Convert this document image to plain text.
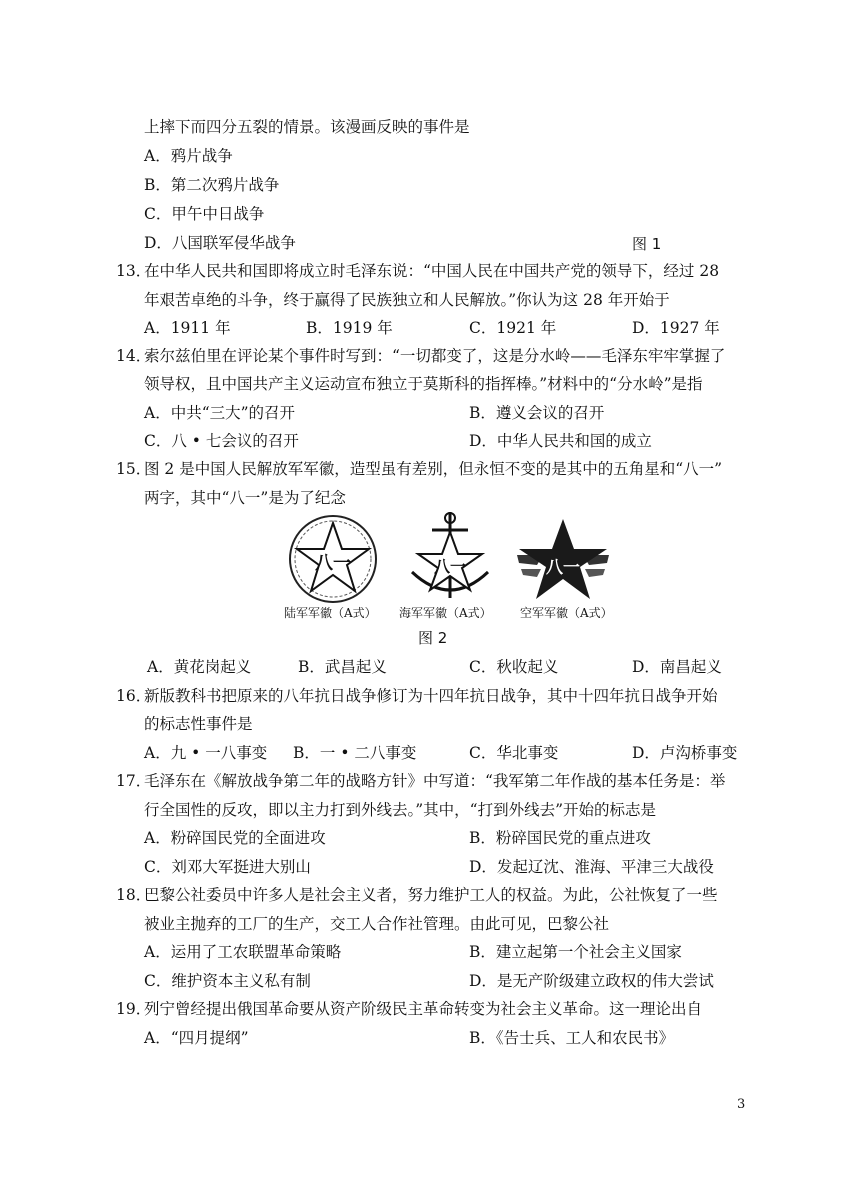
上摔下而四分五裂的情景。该漫画反映的事件是
A．鸦片战争
B．第二次鸦片战争
C．甲午中日战争
D．八国联军侵华战争	图 1
13．
在中华人民共和国即将成立时毛泽东说：“中国人民在中国共产党的领导下，经过 28
年艰苦卓绝的斗争，终于赢得了民族独立和人民解放。”你认为这 28 年开始于
A．1911 年	B．1919 年	C．1921 年	D．1927 年
14．
索尔兹伯里在评论某个事件时写到：“一切都变了，这是分水岭——毛泽东牢牢掌握了
领导权，且中国共产主义运动宣布独立于莫斯科的指挥棒。”材料中的“分水岭”是指
A．中共“三大”的召开	B．遵义会议的召开
C．八 • 七会议的召开	D．中华人民共和国的成立
15．
图 2 是中国人民解放军军徽，造型虽有差别，但永恒不变的是其中的五角星和“八一”
两字，其中“八一”是为了纪念
八一	八一	八一
陆军军徽（A式） 海军军徽（A式） 空军军徽（A式）
图 2
A．黄花岗起义	B．武昌起义	C．秋收起义	D．南昌起义
16．
新版教科书把原来的八年抗日战争修订为十四年抗日战争，其中十四年抗日战争开始
的标志性事件是
A．九 • 一八事变 B．一 • 二八事变	C．华北事变	D．卢沟桥事变
17．
毛泽东在《解放战争第二年的战略方针》中写道：“我军第二年作战的基本任务是：举
行全国性的反攻，即以主力打到外线去。”其中，“打到外线去”开始的标志是
A．粉碎国民党的全面进攻	B．粉碎国民党的重点进攻
C．刘邓大军挺进大别山	D．发起辽沈、淮海、平津三大战役
18．
巴黎公社委员中许多人是社会主义者，努力维护工人的权益。为此，公社恢复了一些
被业主抛弃的工厂的生产，交工人合作社管理。由此可见，巴黎公社
A．运用了工农联盟革命策略	B．建立起第一个社会主义国家
C．维护资本主义私有制	D．是无产阶级建立政权的伟大尝试
19．
列宁曾经提出俄国革命要从资产阶级民主革命转变为社会主义革命。这一理论出自
A．“四月提纲”	B．《告士兵、工人和农民书》
3
